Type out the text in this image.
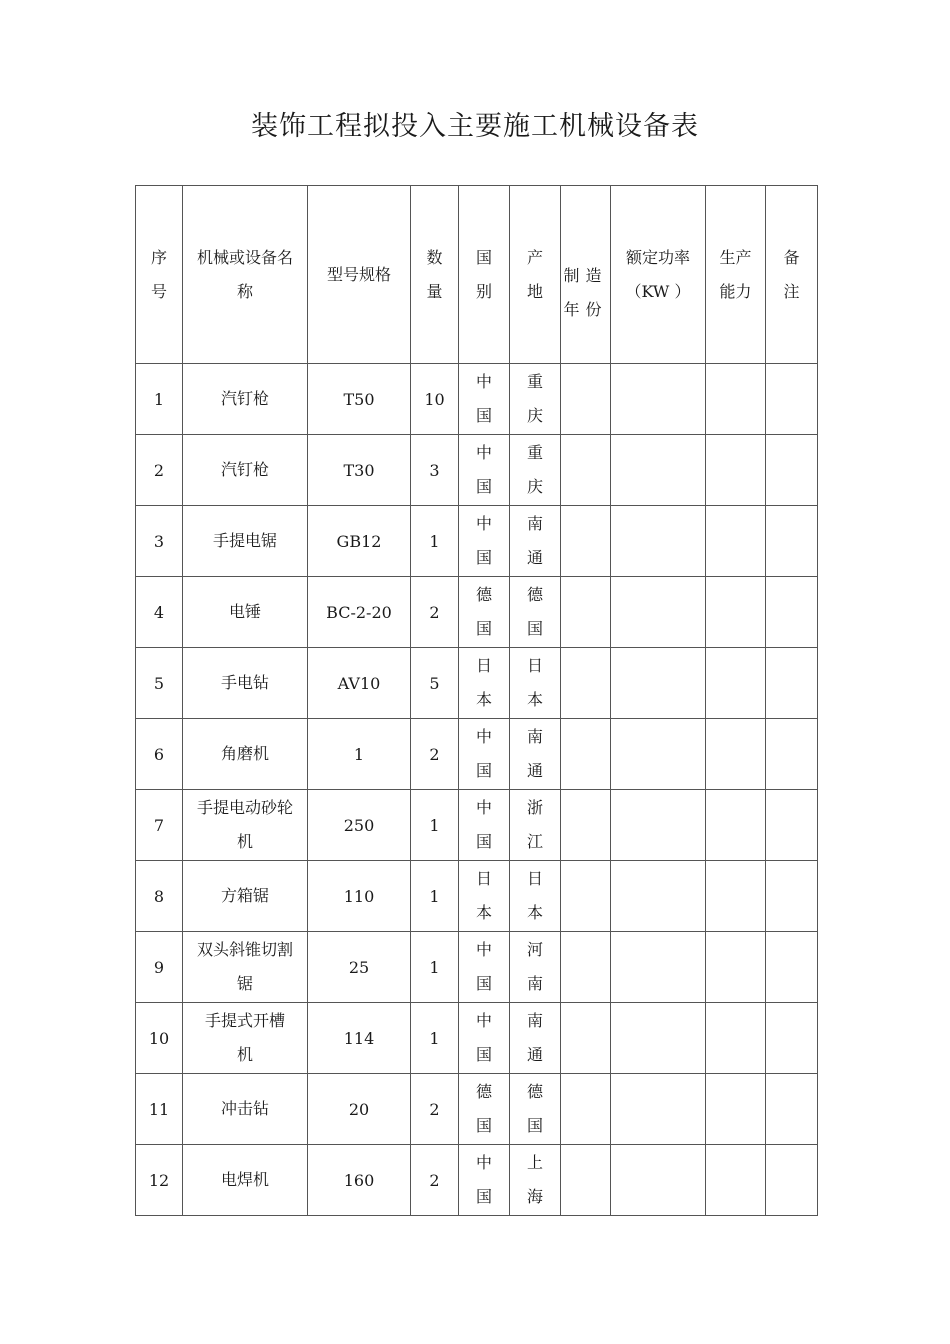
装饰工程拟投入主要施工机械设备表
序号	机械或设备名称	型号规格	数量	国别	产地	制造年份	额定功率（KW ）	生产能力	备注
1	汽钉枪	T50	10	中国	重庆				
2	汽钉枪	T30	3	中国	重庆				
3	手提电锯	GB12	1	中国	南通				
4	电锤	BC-2-20	2	德国	德国				
5	手电钻	AV10	5	日本	日本				
6	角磨机	1	2	中国	南通				
7	手提电动砂轮机	250	1	中国	浙江				
8	方箱锯	110	1	日本	日本				
9	双头斜锥切割锯	25	1	中国	河南				
10	手提式开槽 机	114	1	中国	南通				
11	冲击钻	20	2	德国	德国				
12	电焊机	160	2	中国	上海				
